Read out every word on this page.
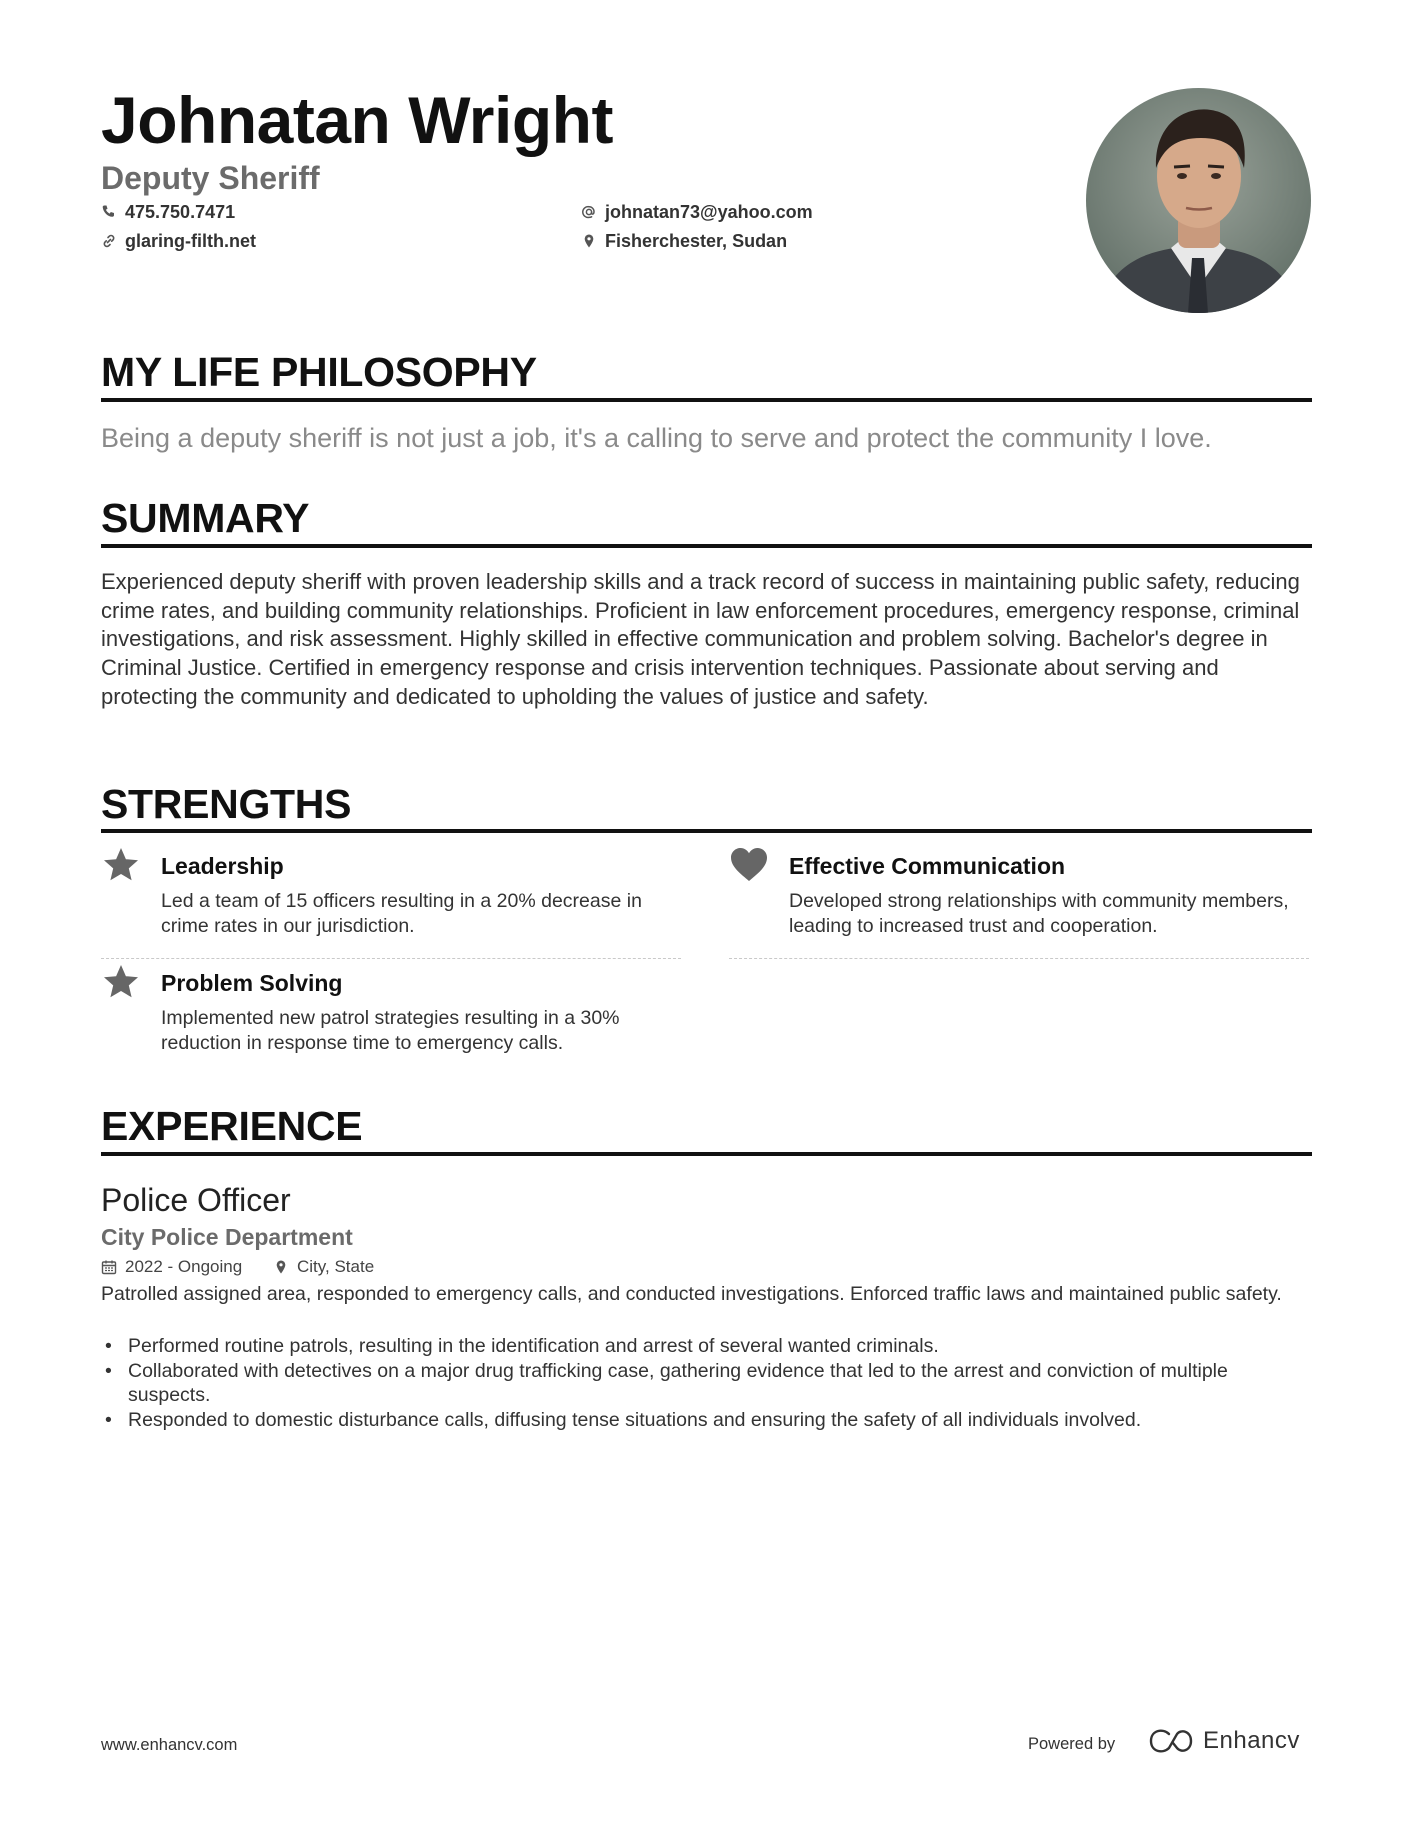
Johnatan Wright
Deputy Sheriff
475.750.7471
glaring-filth.net
johnatan73@yahoo.com
Fisherchester, Sudan
MY LIFE PHILOSOPHY
Being a deputy sheriff is not just a job, it's a calling to serve and protect the community I love.
SUMMARY
Experienced deputy sheriff with proven leadership skills and a track record of success in maintaining public safety, reducing crime rates, and building community relationships. Proficient in law enforcement procedures, emergency response, criminal investigations, and risk assessment. Highly skilled in effective communication and problem solving. Bachelor's degree in Criminal Justice. Certified in emergency response and crisis intervention techniques. Passionate about serving and protecting the community and dedicated to upholding the values of justice and safety.
STRENGTHS
Leadership
Led a team of 15 officers resulting in a 20% decrease in crime rates in our jurisdiction.
Effective Communication
Developed strong relationships with community members, leading to increased trust and cooperation.
Problem Solving
Implemented new patrol strategies resulting in a 30% reduction in response time to emergency calls.
EXPERIENCE
Police Officer
City Police Department
2022 - Ongoing	City, State
Patrolled assigned area, responded to emergency calls, and conducted investigations. Enforced traffic laws and maintained public safety.
• Performed routine patrols, resulting in the identification and arrest of several wanted criminals.
• Collaborated with detectives on a major drug trafficking case, gathering evidence that led to the arrest and conviction of multiple suspects.
• Responded to domestic disturbance calls, diffusing tense situations and ensuring the safety of all individuals involved.
www.enhancv.com	Powered by	Enhancv
